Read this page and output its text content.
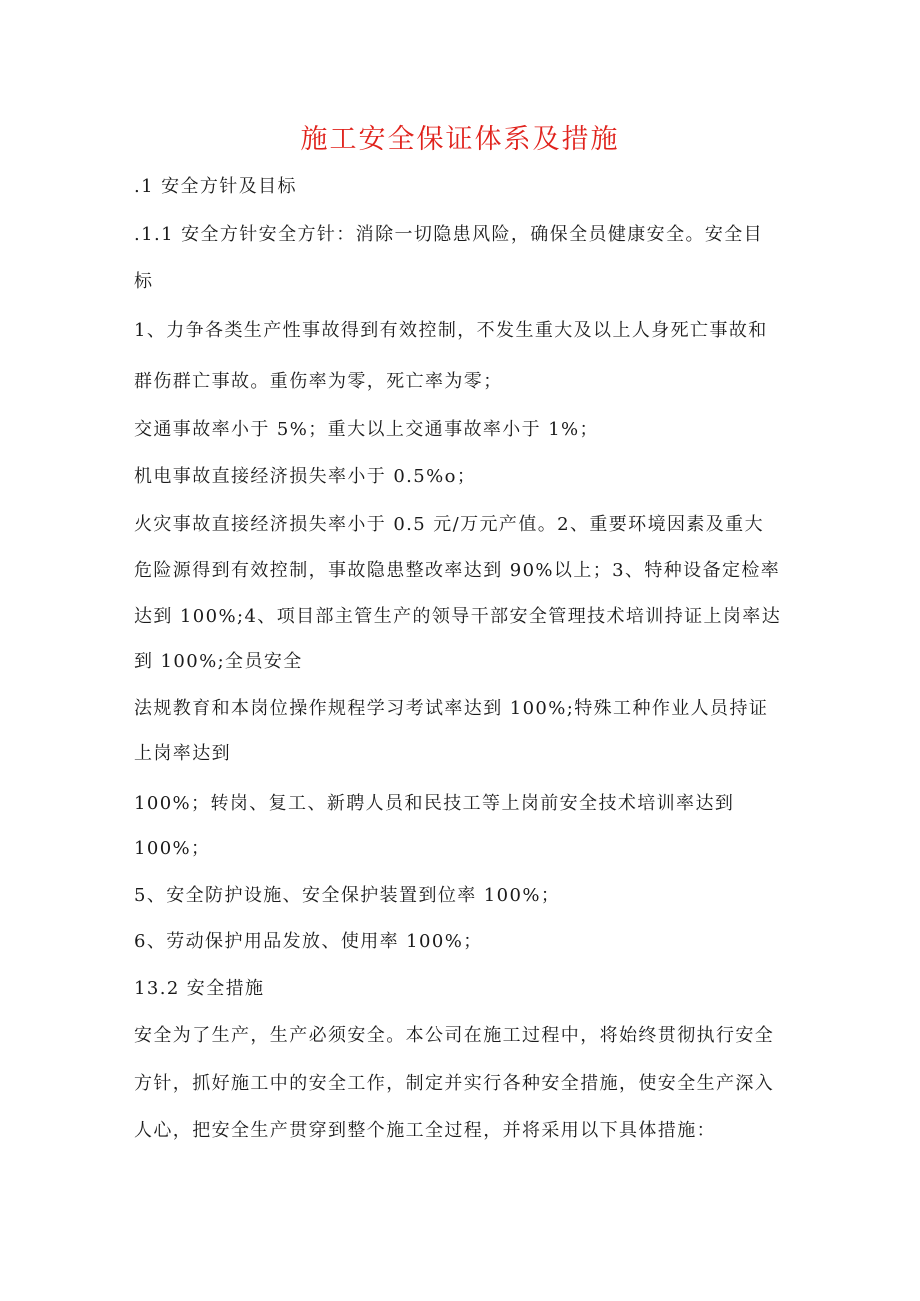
施工安全保证体系及措施
.1 安全方针及目标
.1.1 安全方针安全方针：消除一切隐患风险，确保全员健康安全。安全目
标
1、力争各类生产性事故得到有效控制，不发生重大及以上人身死亡事故和
群伤群亡事故。重伤率为零，死亡率为零；
交通事故率小于 5%；重大以上交通事故率小于 1%；
机电事故直接经济损失率小于 0.5%o；
火灾事故直接经济损失率小于 0.5 元/万元产值。2、重要环境因素及重大
危险源得到有效控制，事故隐患整改率达到 90%以上；3、特种设备定检率
达到 100%;4、项目部主管生产的领导干部安全管理技术培训持证上岗率达
到 100%;全员安全
法规教育和本岗位操作规程学习考试率达到 100%;特殊工种作业人员持证
上岗率达到
100%；转岗、复工、新聘人员和民技工等上岗前安全技术培训率达到
100%；
5、安全防护设施、安全保护装置到位率 100%；
6、劳动保护用品发放、使用率 100%；
13.2 安全措施
安全为了生产，生产必须安全。本公司在施工过程中，将始终贯彻执行安全
方针，抓好施工中的安全工作，制定并实行各种安全措施，使安全生产深入
人心，把安全生产贯穿到整个施工全过程，并将采用以下具体措施：
